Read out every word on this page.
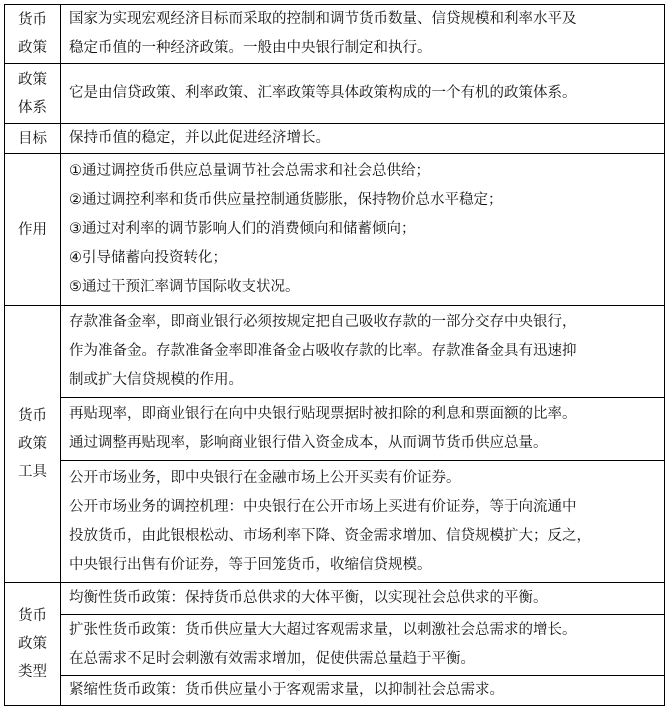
货币
政策	国家为实现宏观经济目标而采取的控制和调节货币数量、信贷规模和利率水平及
稳定币值的一种经济政策。一般由中央银行制定和执行。

政策
体系	它是由信贷政策、利率政策、汇率政策等具体政策构成的一个有机的政策体系。

目标	保持币值的稳定，并以此促进经济增长。

作用	①通过调控货币供应总量调节社会总需求和社会总供给；
②通过调控利率和货币供应量控制通货膨胀，保持物价总水平稳定；
③通过对利率的调节影响人们的消费倾向和储蓄倾向；
④引导储蓄向投资转化；
⑤通过干预汇率调节国际收支状况。

货币
政策
工具	存款准备金率，即商业银行必须按规定把自己吸收存款的一部分交存中央银行，
作为准备金。存款准备金率即准备金占吸收存款的比率。存款准备金具有迅速抑
制或扩大信贷规模的作用。

	再贴现率，即商业银行在向中央银行贴现票据时被扣除的利息和票面额的比率。
通过调整再贴现率，影响商业银行借入资金成本，从而调节货币供应总量。

	公开市场业务，即中央银行在金融市场上公开买卖有价证券。
公开市场业务的调控机理：中央银行在公开市场上买进有价证券，等于向流通中
投放货币，由此银根松动、市场利率下降、资金需求增加、信贷规模扩大；反之，
中央银行出售有价证券，等于回笼货币，收缩信贷规模。

货币
政策
类型	均衡性货币政策：保持货币总供求的大体平衡，以实现社会总供求的平衡。

	扩张性货币政策：货币供应量大大超过客观需求量，以刺激社会总需求的增长。
在总需求不足时会刺激有效需求增加，促使供需总量趋于平衡。

	紧缩性货币政策：货币供应量小于客观需求量，以抑制社会总需求。
